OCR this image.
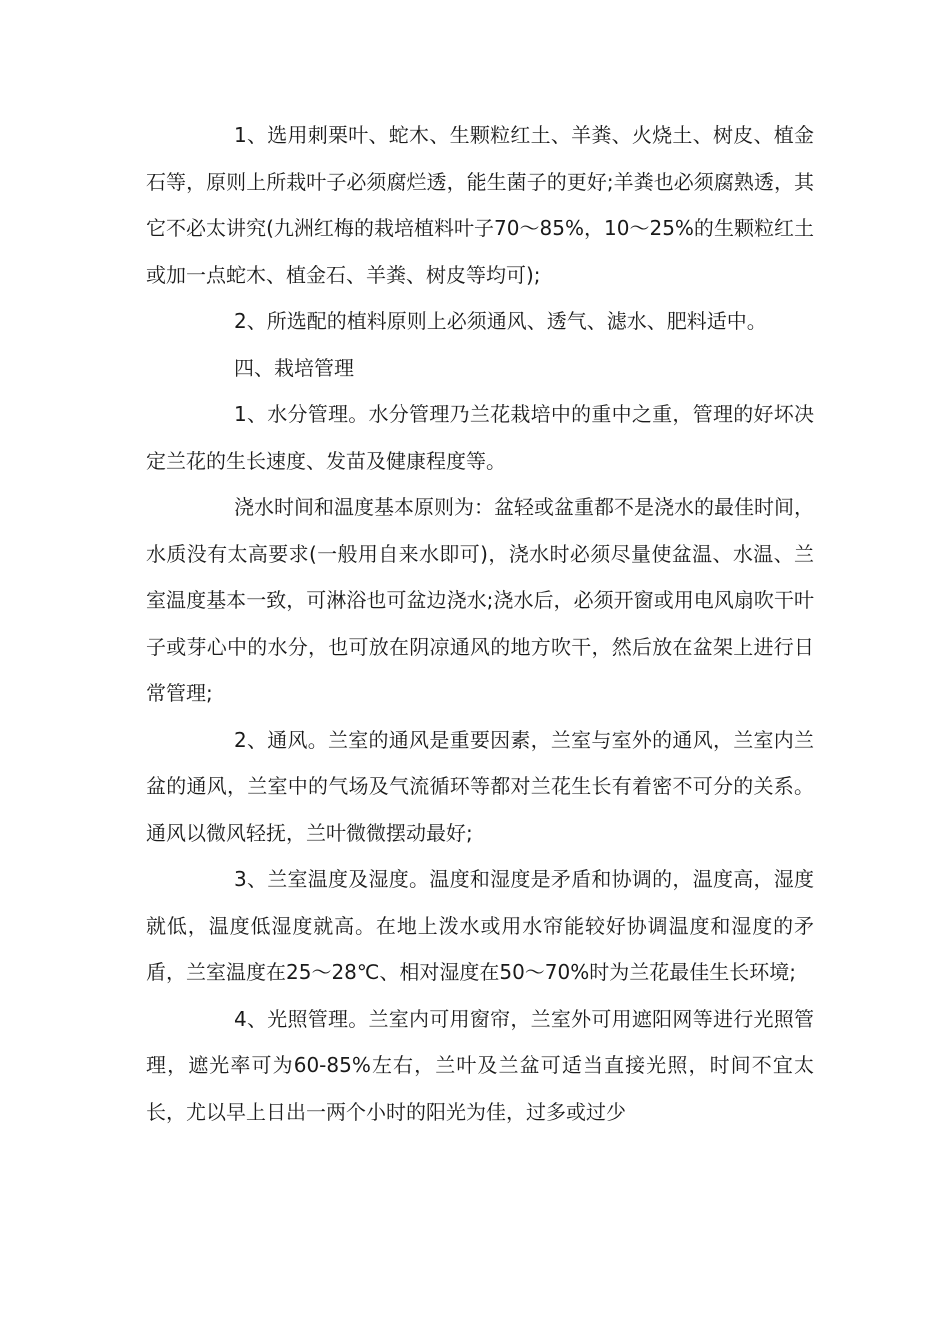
1、选用刺栗叶、蛇木、生颗粒红土、羊粪、火烧土、树皮、植金石等，原则上所栽叶子必须腐烂透，能生菌子的更好;羊粪也必须腐熟透，其它不必太讲究(九洲红梅的栽培植料叶子70～85%，10～25%的生颗粒红土或加一点蛇木、植金石、羊粪、树皮等均可);

2、所选配的植料原则上必须通风、透气、滤水、肥料适中。

四、栽培管理

1、水分管理。水分管理乃兰花栽培中的重中之重，管理的好坏决定兰花的生长速度、发苗及健康程度等。

浇水时间和温度基本原则为：盆轻或盆重都不是浇水的最佳时间，水质没有太高要求(一般用自来水即可)，浇水时必须尽量使盆温、水温、兰室温度基本一致，可淋浴也可盆边浇水;浇水后，必须开窗或用电风扇吹干叶子或芽心中的水分，也可放在阴凉通风的地方吹干，然后放在盆架上进行日常管理;

2、通风。兰室的通风是重要因素，兰室与室外的通风，兰室内兰盆的通风，兰室中的气场及气流循环等都对兰花生长有着密不可分的关系。通风以微风轻抚，兰叶微微摆动最好;

3、兰室温度及湿度。温度和湿度是矛盾和协调的，温度高，湿度就低，温度低湿度就高。在地上泼水或用水帘能较好协调温度和湿度的矛盾，兰室温度在25～28℃、相对湿度在50～70%时为兰花最佳生长环境;

4、光照管理。兰室内可用窗帘，兰室外可用遮阳网等进行光照管理，遮光率可为60-85%左右，兰叶及兰盆可适当直接光照，时间不宜太长，尤以早上日出一两个小时的阳光为佳，过多或过少
